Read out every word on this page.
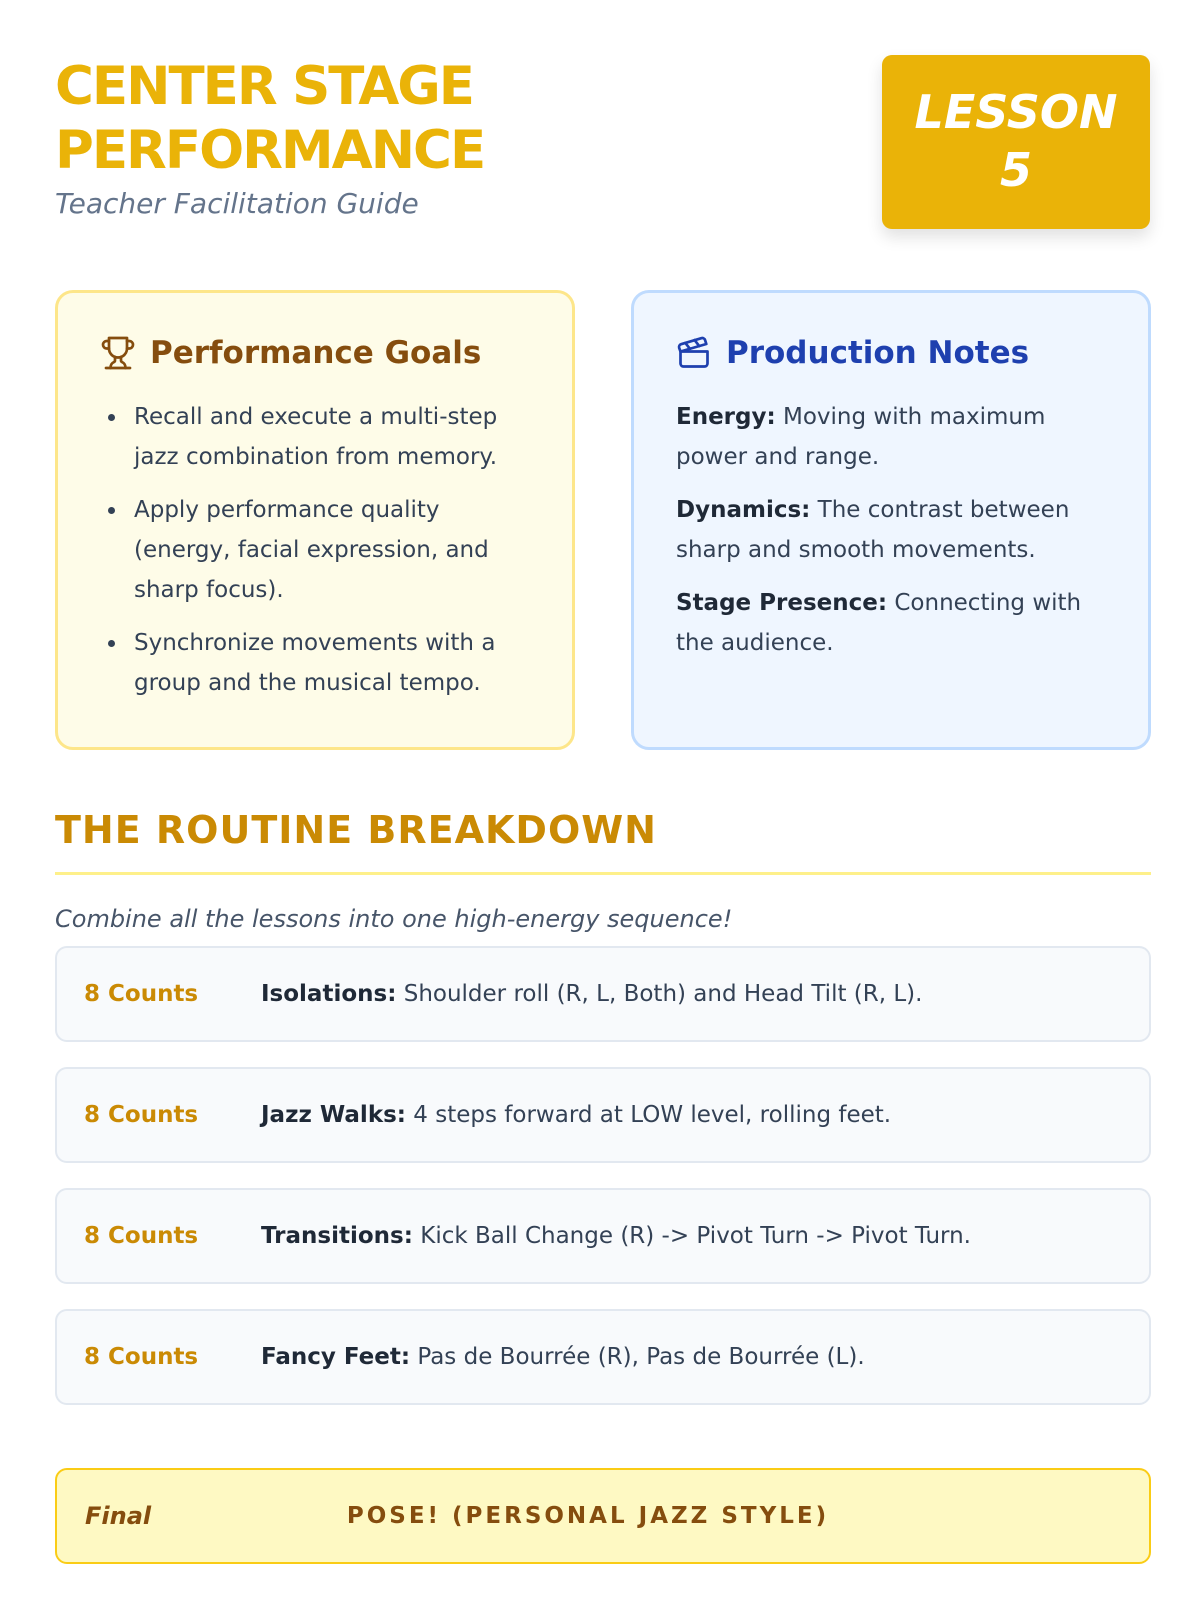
CENTER STAGE
PERFORMANCE
Teacher Facilitation Guide
LESSON
5
Performance Goals
Recall and execute a multi-step jazz combination from memory.
Apply performance quality (energy, facial expression, and sharp focus).
Synchronize movements with a group and the musical tempo.
Production Notes

Energy: Moving with maximum power and range.

Dynamics: The contrast between sharp and smooth movements.

Stage Presence: Connecting with the audience.

THE ROUTINE BREAKDOWN
Combine all the lessons into one high-energy sequence!
8 Counts	Isolations: Shoulder roll (R, L, Both) and Head Tilt (R, L).
8 Counts	Jazz Walks: 4 steps forward at LOW level, rolling feet.
8 Counts	Transitions: Kick Ball Change (R) -> Pivot Turn -> Pivot Turn.
8 Counts	Fancy Feet: Pas de Bourrée (R), Pas de Bourrée (L).
Final	POSE! (PERSONAL JAZZ STYLE)
